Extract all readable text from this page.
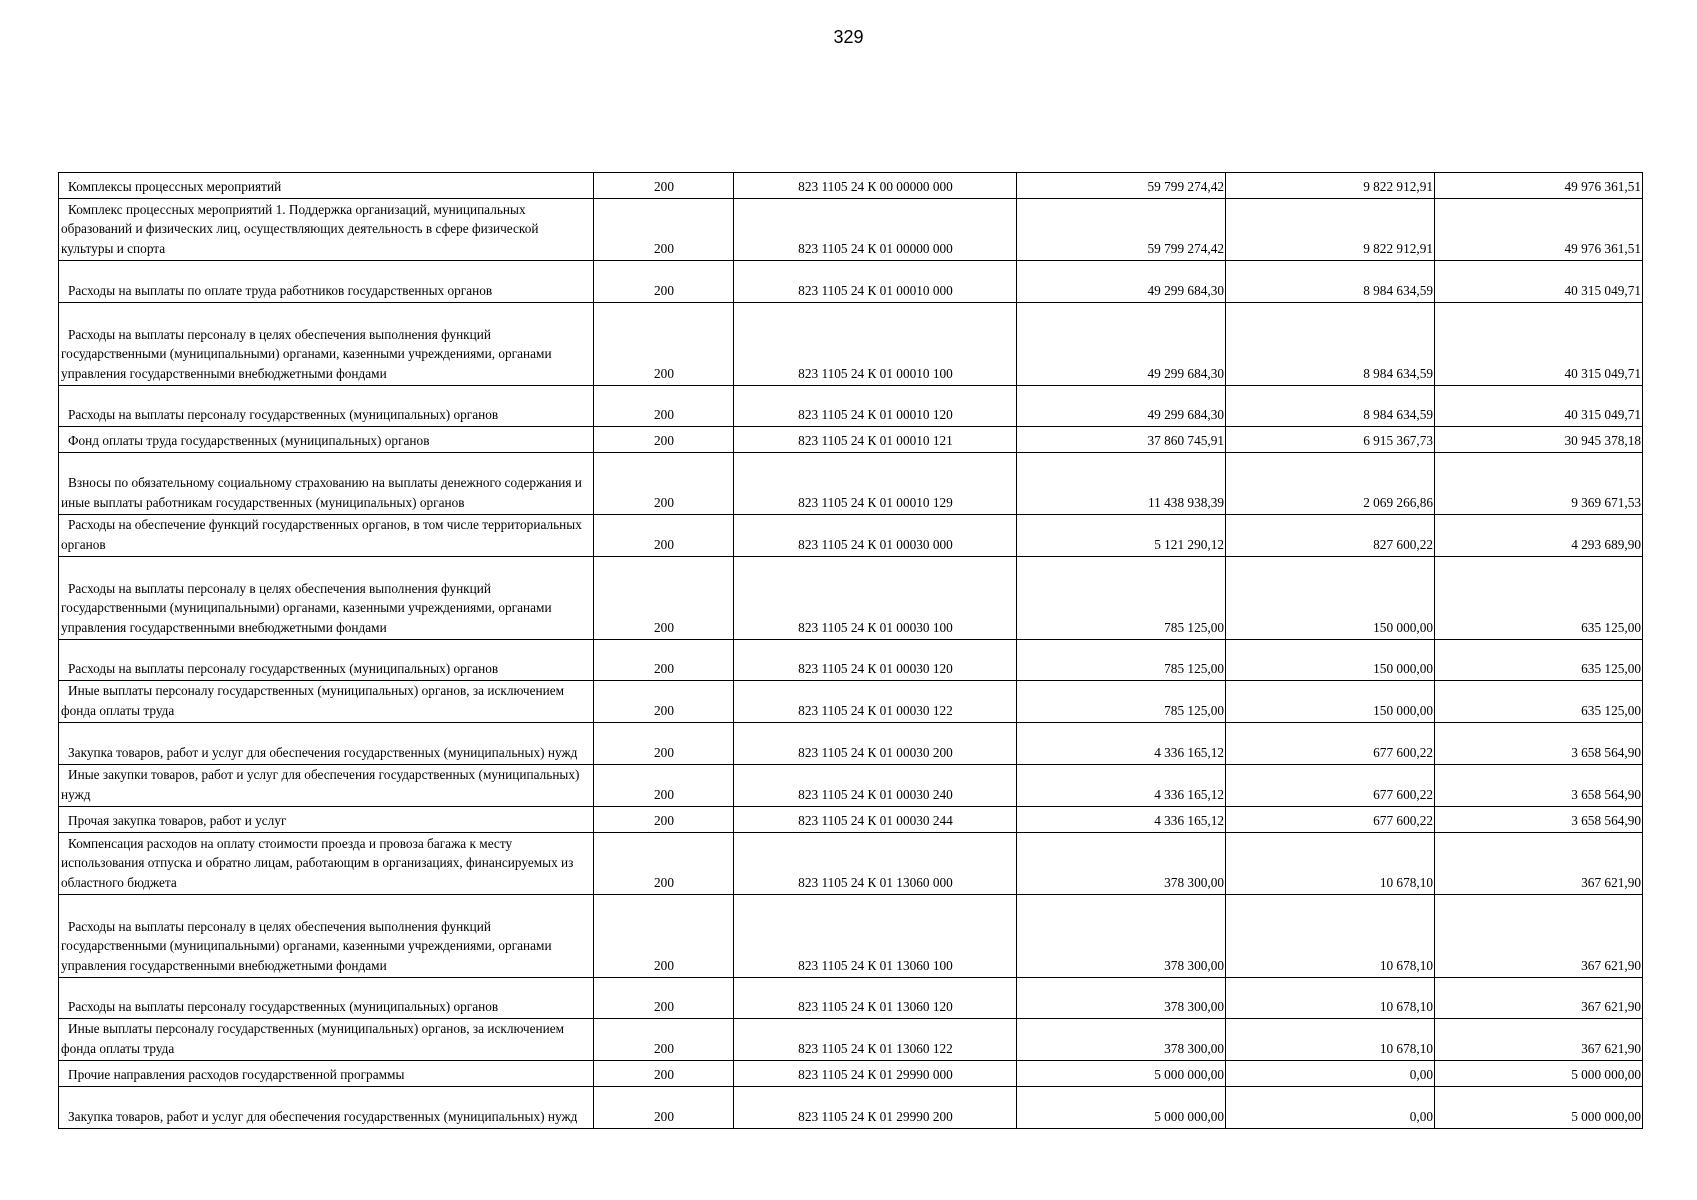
329
Комплексы процессных мероприятий	200	823 1105 24 К 00 00000 000	59 799 274,42	9 822 912,91	49 976 361,51
Комплекс процессных мероприятий 1. Поддержка организаций, муниципальных образований и физических лиц, осуществляющих деятельность в сфере физической культуры и спорта	200	823 1105 24 К 01 00000 000	59 799 274,42	9 822 912,91	49 976 361,51
Расходы на выплаты по оплате труда работников государственных органов	200	823 1105 24 К 01 00010 000	49 299 684,30	8 984 634,59	40 315 049,71
Расходы на выплаты персоналу в целях обеспечения выполнения функций государственными (муниципальными) органами, казенными учреждениями, органами управления государственными внебюджетными фондами	200	823 1105 24 К 01 00010 100	49 299 684,30	8 984 634,59	40 315 049,71
Расходы на выплаты персоналу государственных (муниципальных) органов	200	823 1105 24 К 01 00010 120	49 299 684,30	8 984 634,59	40 315 049,71
Фонд оплаты труда государственных (муниципальных) органов	200	823 1105 24 К 01 00010 121	37 860 745,91	6 915 367,73	30 945 378,18
Взносы по обязательному социальному страхованию на выплаты денежного содержания и иные выплаты работникам государственных (муниципальных) органов	200	823 1105 24 К 01 00010 129	11 438 938,39	2 069 266,86	9 369 671,53
Расходы на обеспечение функций государственных органов, в том числе территориальных органов	200	823 1105 24 К 01 00030 000	5 121 290,12	827 600,22	4 293 689,90
Расходы на выплаты персоналу в целях обеспечения выполнения функций государственными (муниципальными) органами, казенными учреждениями, органами управления государственными внебюджетными фондами	200	823 1105 24 К 01 00030 100	785 125,00	150 000,00	635 125,00
Расходы на выплаты персоналу государственных (муниципальных) органов	200	823 1105 24 К 01 00030 120	785 125,00	150 000,00	635 125,00
Иные выплаты персоналу государственных (муниципальных) органов, за исключением фонда оплаты труда	200	823 1105 24 К 01 00030 122	785 125,00	150 000,00	635 125,00
Закупка товаров, работ и услуг для обеспечения государственных (муниципальных) нужд	200	823 1105 24 К 01 00030 200	4 336 165,12	677 600,22	3 658 564,90
Иные закупки товаров, работ и услуг для обеспечения государственных (муниципальных) нужд	200	823 1105 24 К 01 00030 240	4 336 165,12	677 600,22	3 658 564,90
Прочая закупка товаров, работ и услуг	200	823 1105 24 К 01 00030 244	4 336 165,12	677 600,22	3 658 564,90
Компенсация расходов на оплату стоимости проезда и провоза багажа к месту использования отпуска и обратно лицам, работающим в организациях, финансируемых из областного бюджета	200	823 1105 24 К 01 13060 000	378 300,00	10 678,10	367 621,90
Расходы на выплаты персоналу в целях обеспечения выполнения функций государственными (муниципальными) органами, казенными учреждениями, органами управления государственными внебюджетными фондами	200	823 1105 24 К 01 13060 100	378 300,00	10 678,10	367 621,90
Расходы на выплаты персоналу государственных (муниципальных) органов	200	823 1105 24 К 01 13060 120	378 300,00	10 678,10	367 621,90
Иные выплаты персоналу государственных (муниципальных) органов, за исключением фонда оплаты труда	200	823 1105 24 К 01 13060 122	378 300,00	10 678,10	367 621,90
Прочие направления расходов государственной программы	200	823 1105 24 К 01 29990 000	5 000 000,00	0,00	5 000 000,00
Закупка товаров, работ и услуг для обеспечения государственных (муниципальных) нужд	200	823 1105 24 К 01 29990 200	5 000 000,00	0,00	5 000 000,00
